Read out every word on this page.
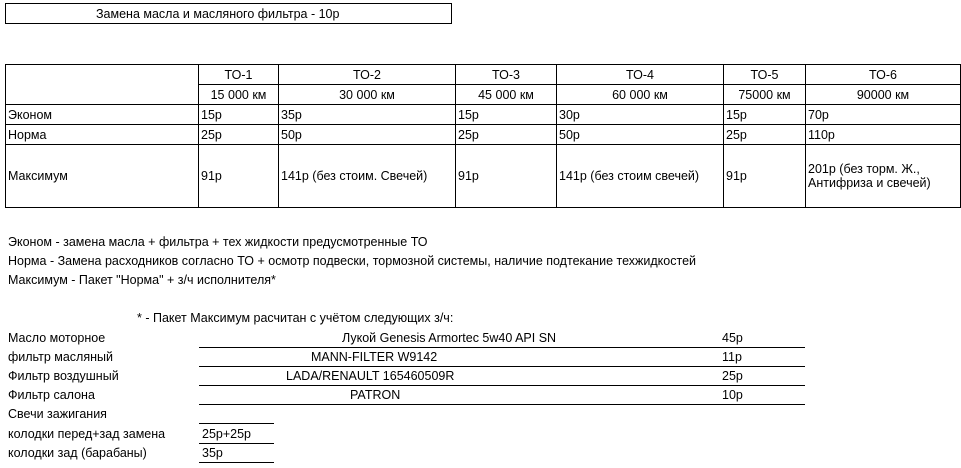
Замена масла и масляного фильтра - 10р
	ТО-1	ТО-2	ТО-3	ТО-4	ТО-5	ТО-6
	15 000 км	30 000 км	45 000 км	60 000 км	75000 км	90000 км
Эконом	15р	35р	15р	30р	15р	70р
Норма	25р	50р	25р	50р	25р	110р
Максимум	91р	141р (без стоим. Свечей)	91р	141р (без стоим свечей)	91р	201р (без торм. Ж., Антифриза и свечей)
Эконом - замена масла + фильтра + тех жидкости предусмотренные ТО
Норма - Замена расходников согласно ТО + осмотр подвески, тормозной системы, наличие подтекание техжидкостей
Максимум - Пакет "Норма" + з/ч исполнителя*
* - Пакет Максимум расчитан с учётом следующих з/ч:
Масло моторное	Лукой Genesis Armortec 5w40 API SN	45р
фильтр масляный	MANN-FILTER W9142	11р
Фильтр воздушный	LADA/RENAULT 165460509R	25р
Фильтр салона	PATRON	10р
Свечи зажигания
колодки перед+зад замена	25р+25р
колодки зад (барабаны)	35р
